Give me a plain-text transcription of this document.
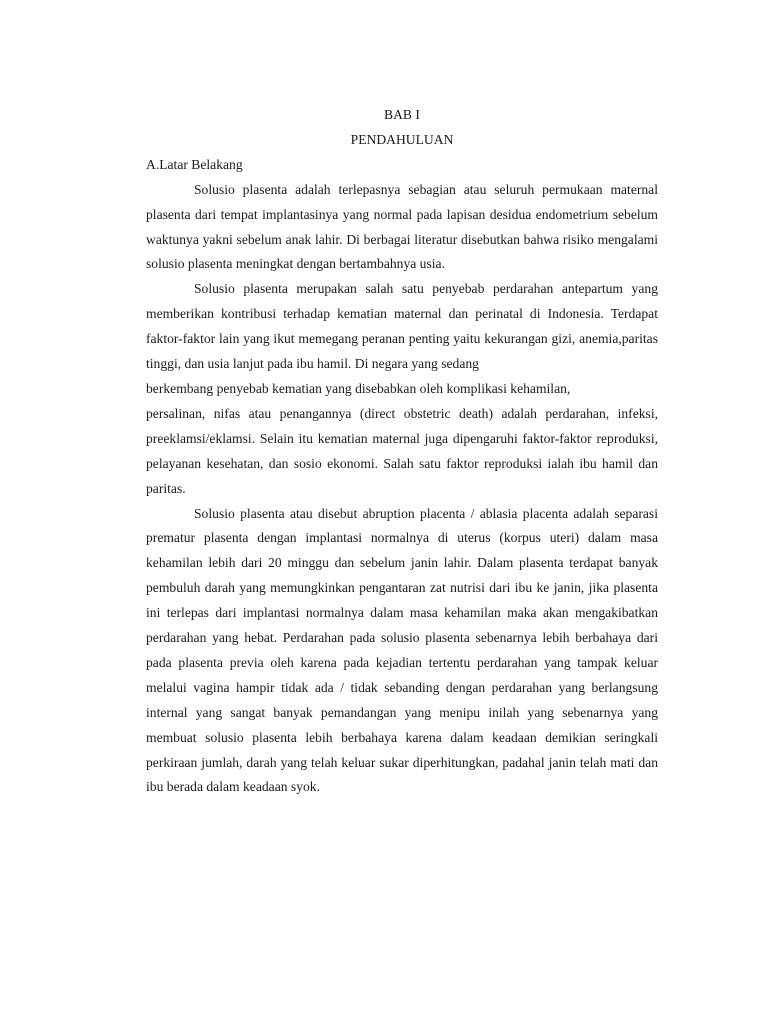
BAB I

PENDAHULUAN

A.Latar Belakang

Solusio plasenta adalah terlepasnya sebagian atau seluruh permukaan maternal plasenta dari tempat implantasinya yang normal pada lapisan desidua endometrium sebelum waktunya yakni sebelum anak lahir. Di berbagai literatur disebutkan bahwa risiko mengalami solusio plasenta meningkat dengan bertambahnya usia.

Solusio plasenta merupakan salah satu penyebab perdarahan antepartum yang memberikan kontribusi terhadap kematian maternal dan perinatal di Indonesia. Terdapat faktor-faktor lain yang ikut memegang peranan penting yaitu kekurangan gizi, anemia,paritas tinggi, dan usia lanjut pada ibu hamil. Di negara yang sedang

berkembang penyebab kematian yang disebabkan oleh komplikasi kehamilan,

persalinan, nifas atau penangannya (direct obstetric death) adalah perdarahan, infeksi, preeklamsi/eklamsi. Selain itu kematian maternal juga dipengaruhi faktor-faktor reproduksi, pelayanan kesehatan, dan sosio ekonomi. Salah satu faktor reproduksi ialah ibu hamil dan paritas.

Solusio plasenta atau disebut abruption placenta / ablasia placenta adalah separasi prematur plasenta dengan implantasi normalnya di uterus (korpus uteri) dalam masa kehamilan lebih dari 20 minggu dan sebelum janin lahir. Dalam plasenta terdapat banyak pembuluh darah yang memungkinkan pengantaran zat nutrisi dari ibu ke janin, jika plasenta ini terlepas dari implantasi normalnya dalam masa kehamilan maka akan mengakibatkan perdarahan yang hebat. Perdarahan pada solusio plasenta sebenarnya lebih berbahaya dari pada plasenta previa oleh karena pada kejadian tertentu perdarahan yang tampak keluar melalui vagina hampir tidak ada / tidak sebanding dengan perdarahan yang berlangsung internal yang sangat banyak pemandangan yang menipu inilah yang sebenarnya yang membuat solusio plasenta lebih berbahaya karena dalam keadaan demikian seringkali perkiraan jumlah, darah yang telah keluar sukar diperhitungkan, padahal janin telah mati dan ibu berada dalam keadaan syok.
